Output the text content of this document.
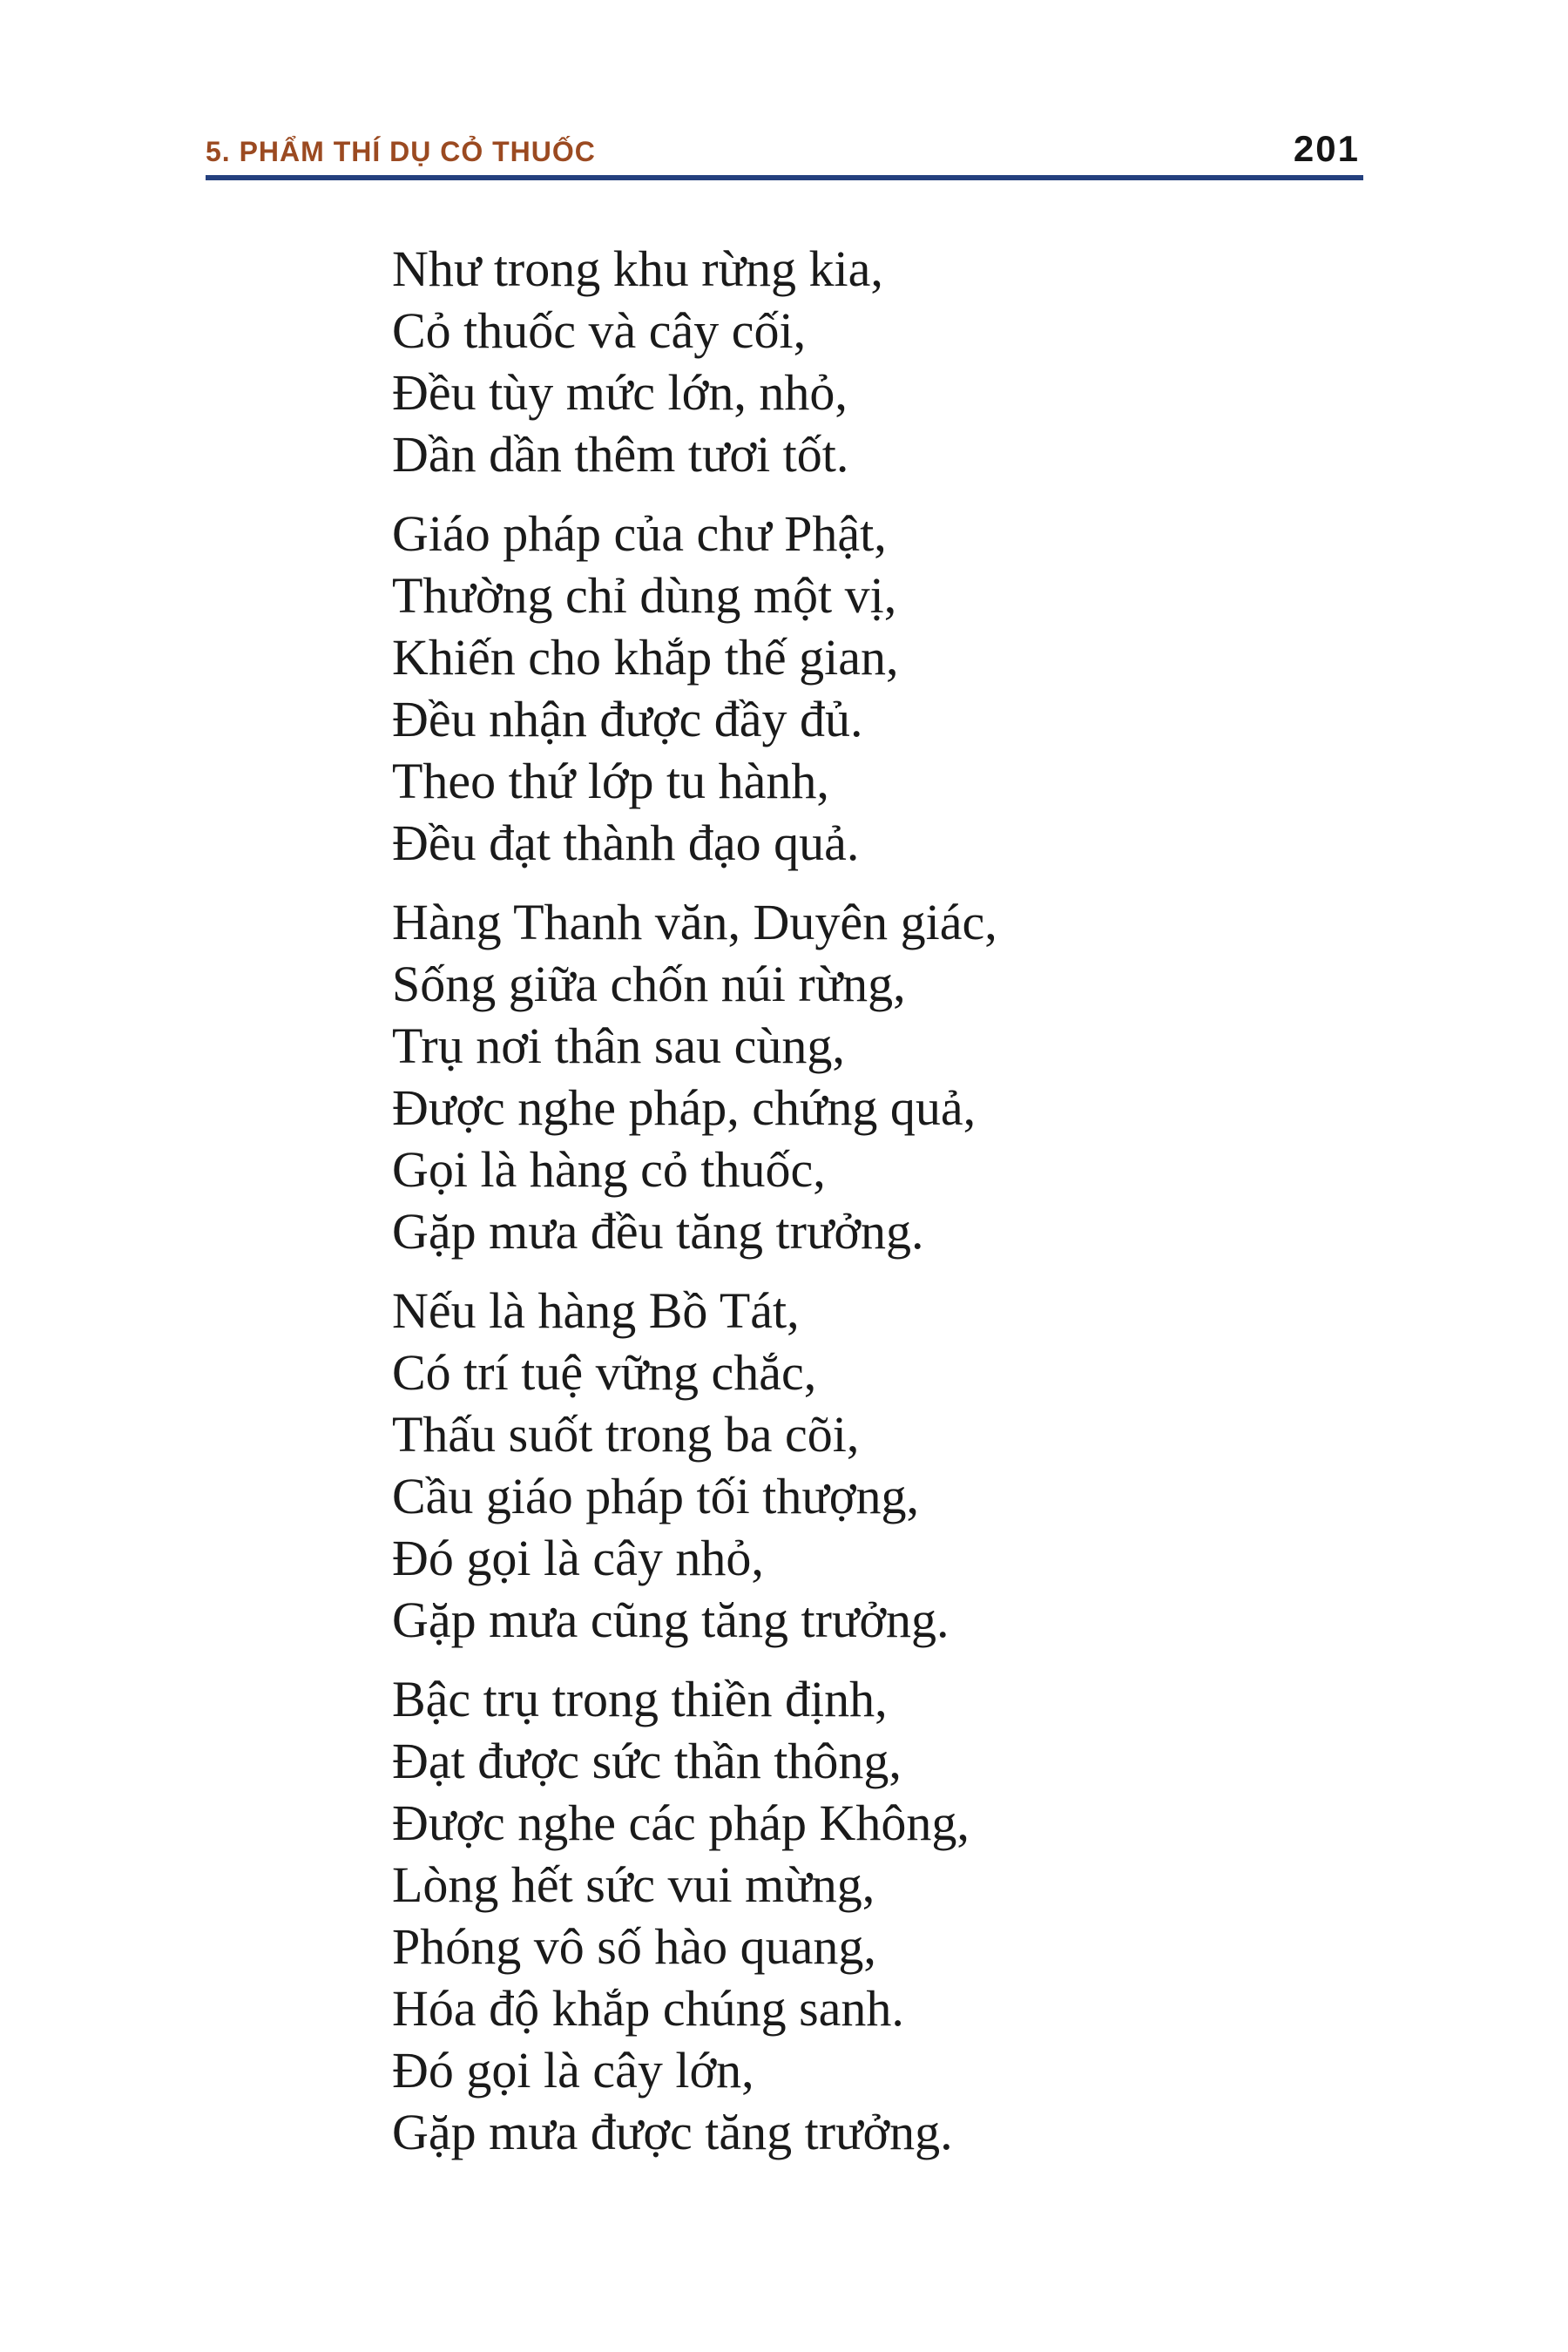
5. PHẨM THÍ DỤ CỎ THUỐC	201
Như trong khu rừng kia,
Cỏ thuốc và cây cối,
Đều tùy mức lớn, nhỏ,
Dần dần thêm tươi tốt.
Giáo pháp của chư Phật,
Thường chỉ dùng một vị,
Khiến cho khắp thế gian,
Đều nhận được đầy đủ.
Theo thứ lớp tu hành,
Đều đạt thành đạo quả.
Hàng Thanh văn, Duyên giác,
Sống giữa chốn núi rừng,
Trụ nơi thân sau cùng,
Được nghe pháp, chứng quả,
Gọi là hàng cỏ thuốc,
Gặp mưa đều tăng trưởng.
Nếu là hàng Bồ Tát,
Có trí tuệ vững chắc,
Thấu suốt trong ba cõi,
Cầu giáo pháp tối thượng,
Đó gọi là cây nhỏ,
Gặp mưa cũng tăng trưởng.
Bậc trụ trong thiền định,
Đạt được sức thần thông,
Được nghe các pháp Không,
Lòng hết sức vui mừng,
Phóng vô số hào quang,
Hóa độ khắp chúng sanh.
Đó gọi là cây lớn,
Gặp mưa được tăng trưởng.
